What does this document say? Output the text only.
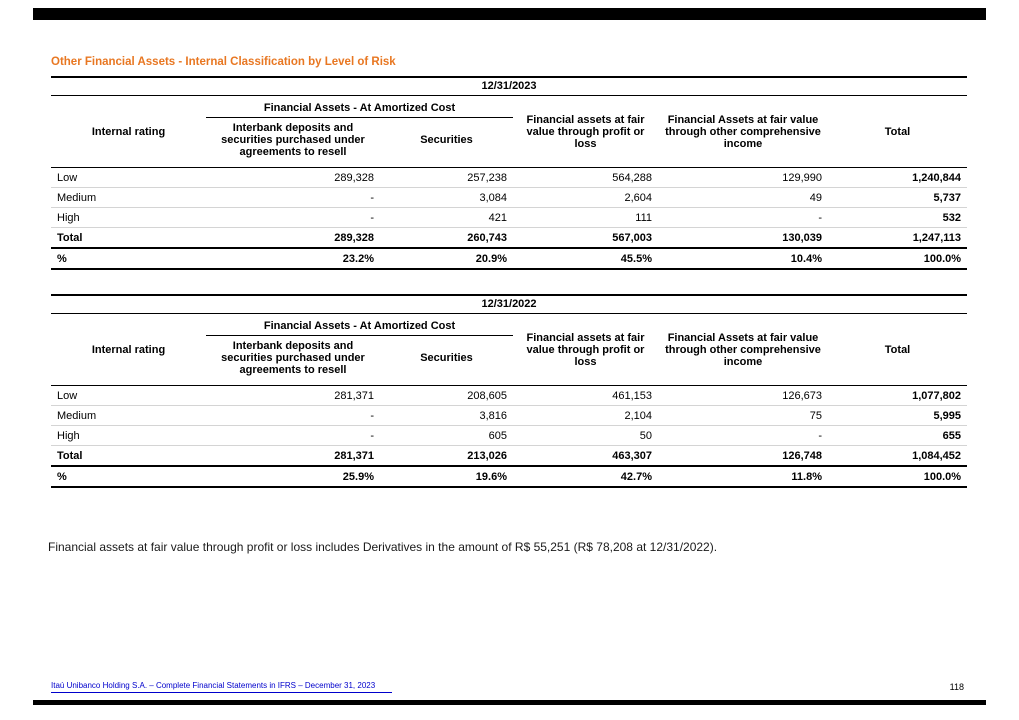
Other Financial Assets - Internal Classification by Level of Risk
12/31/2023					
Internal rating	Financial Assets - At Amortized Cost		Financial assets at fair value through profit or loss	Financial Assets at fair value through other comprehensive income	Total
	Interbank deposits and securities purchased under agreements to resell	Securities			
Low	289,328	257,238	564,288	129,990	1,240,844
Medium	-	3,084	2,604	49	5,737
High	-	421	111	-	532
Total	289,328	260,743	567,003	130,039	1,247,113
%	23.2%	20.9%	45.5%	10.4%	100.0%
12/31/2022					
Internal rating	Financial Assets - At Amortized Cost		Financial assets at fair value through profit or loss	Financial Assets at fair value through other comprehensive income	Total
	Interbank deposits and securities purchased under agreements to resell	Securities			
Low	281,371	208,605	461,153	126,673	1,077,802
Medium	-	3,816	2,104	75	5,995
High	-	605	50	-	655
Total	281,371	213,026	463,307	126,748	1,084,452
%	25.9%	19.6%	42.7%	11.8%	100.0%
Financial assets at fair value through profit or loss includes Derivatives in the amount of R$ 55,251 (R$ 78,208 at 12/31/2022).
Itaú Unibanco Holding S.A. – Complete Financial Statements in IFRS – December 31, 2023	118
